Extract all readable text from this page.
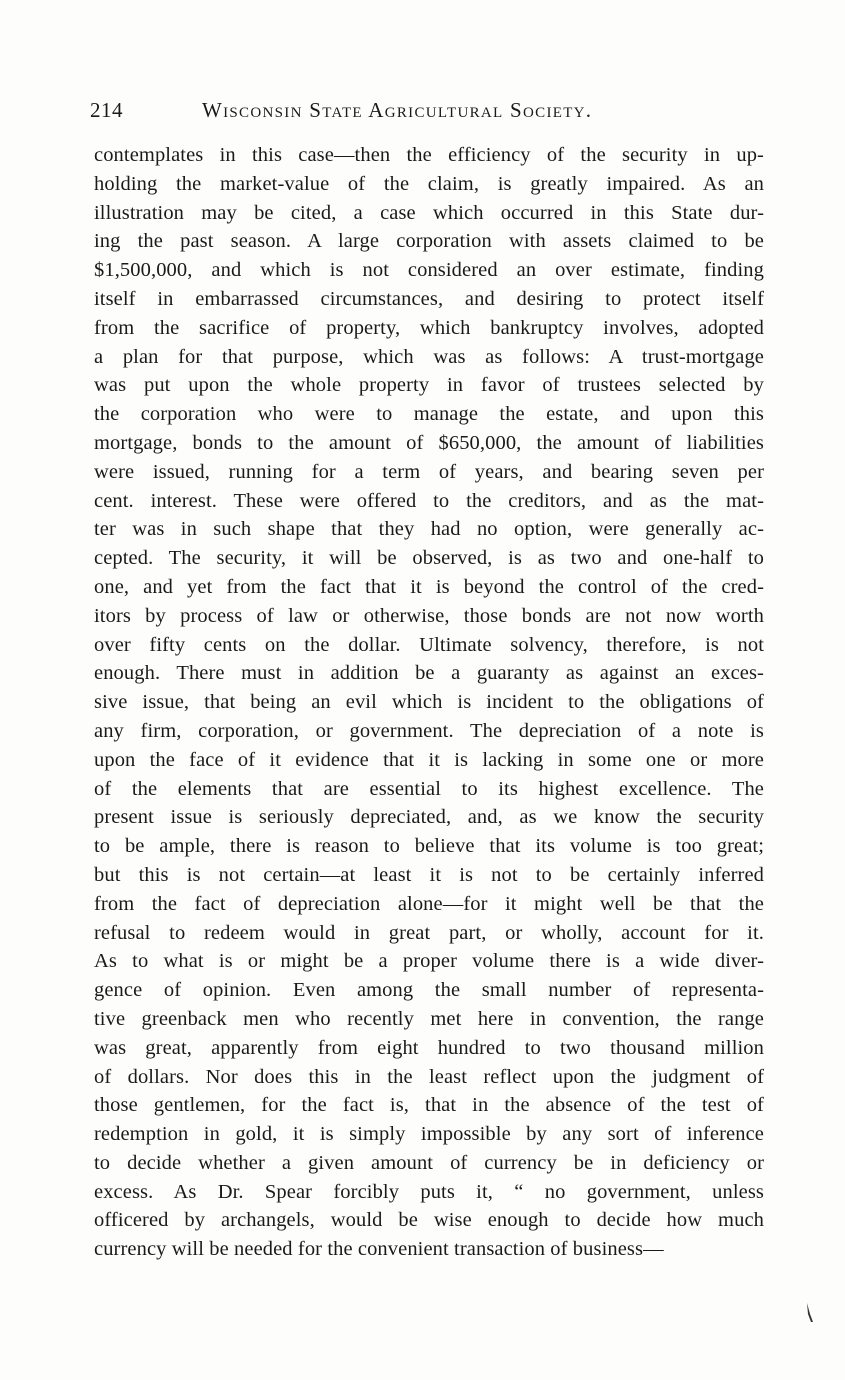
214	Wisconsin State Agricultural Society.
contemplates in this case—then the efficiency of the security in up-
holding the market-value of the claim, is greatly impaired. As an
illustration may be cited, a case which occurred in this State dur-
ing the past season. A large corporation with assets claimed to be
$1,500,000, and which is not considered an over estimate, finding
itself in embarrassed circumstances, and desiring to protect itself
from the sacrifice of property, which bankruptcy involves, adopted
a plan for that purpose, which was as follows: A trust-mortgage
was put upon the whole property in favor of trustees selected by
the corporation who were to manage the estate, and upon this
mortgage, bonds to the amount of $650,000, the amount of liabilities
were issued, running for a term of years, and bearing seven per
cent. interest. These were offered to the creditors, and as the mat-
ter was in such shape that they had no option, were generally ac-
cepted. The security, it will be observed, is as two and one-half to
one, and yet from the fact that it is beyond the control of the cred-
itors by process of law or otherwise, those bonds are not now worth
over fifty cents on the dollar. Ultimate solvency, therefore, is not
enough. There must in addition be a guaranty as against an exces-
sive issue, that being an evil which is incident to the obligations of
any firm, corporation, or government. The depreciation of a note is
upon the face of it evidence that it is lacking in some one or more
of the elements that are essential to its highest excellence. The
present issue is seriously depreciated, and, as we know the security
to be ample, there is reason to believe that its volume is too great;
but this is not certain—at least it is not to be certainly inferred
from the fact of depreciation alone—for it might well be that the
refusal to redeem would in great part, or wholly, account for it.
As to what is or might be a proper volume there is a wide diver-
gence of opinion. Even among the small number of representa-
tive greenback men who recently met here in convention, the range
was great, apparently from eight hundred to two thousand million
of dollars. Nor does this in the least reflect upon the judgment of
those gentlemen, for the fact is, that in the absence of the test of
redemption in gold, it is simply impossible by any sort of inference
to decide whether a given amount of currency be in deficiency or
excess. As Dr. Spear forcibly puts it, “ no government, unless
officered by archangels, would be wise enough to decide how much
currency will be needed for the convenient transaction of business—
